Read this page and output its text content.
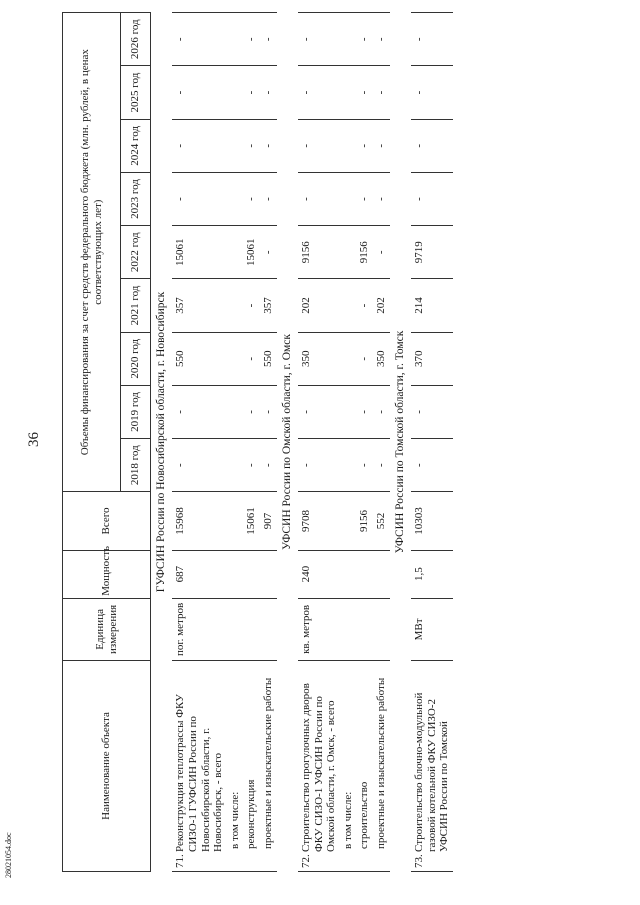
36
28021054.doc
Наименование объекта	Единица измерения	Мощность	Всего	Объемы финансирования за счет средств федерального бюджета (млн. рублей, в ценах соответствующих лет)								
				2018 год	2019 год	2020 год	2021 год	2022 год	2023 год	2024 год	2025 год	2026 год
ГУФСИН России по Новосибирской области, г. Новосибирск												
71.Реконструкция теплотрассы ФКУ СИЗО-1 ГУФСИН России по Новосибирской области, г. Новосибирск, - всего	пог. метров	687	15968	-	-	550	357	15061	-	-	-	-
в том числе:												
реконструкция			15061	-	-	-	-	15061	-	-	-	-
проектные и изыскательские работы			907	-	-	550	357	-	-	-	-	-
УФСИН России по Омской области, г. Омск												
72.Строительство прогулочных дворов ФКУ СИЗО-1 УФСИН России по Омской области, г. Омск, - всего	кв. метров	240	9708	-	-	350	202	9156	-	-	-	-
в том числе:												
строительство			9156	-	-	-	-	9156	-	-	-	-
проектные и изыскательские работы			552	-	-	350	202	-	-	-	-	-
УФСИН России по Томской области, г. Томск												
73.Строительство блочно-модульной газовой котельной ФКУ СИЗО-2 УФСИН России по Томской	МВт	1,5	10303	-	-	370	214	9719	-	-	-	-
